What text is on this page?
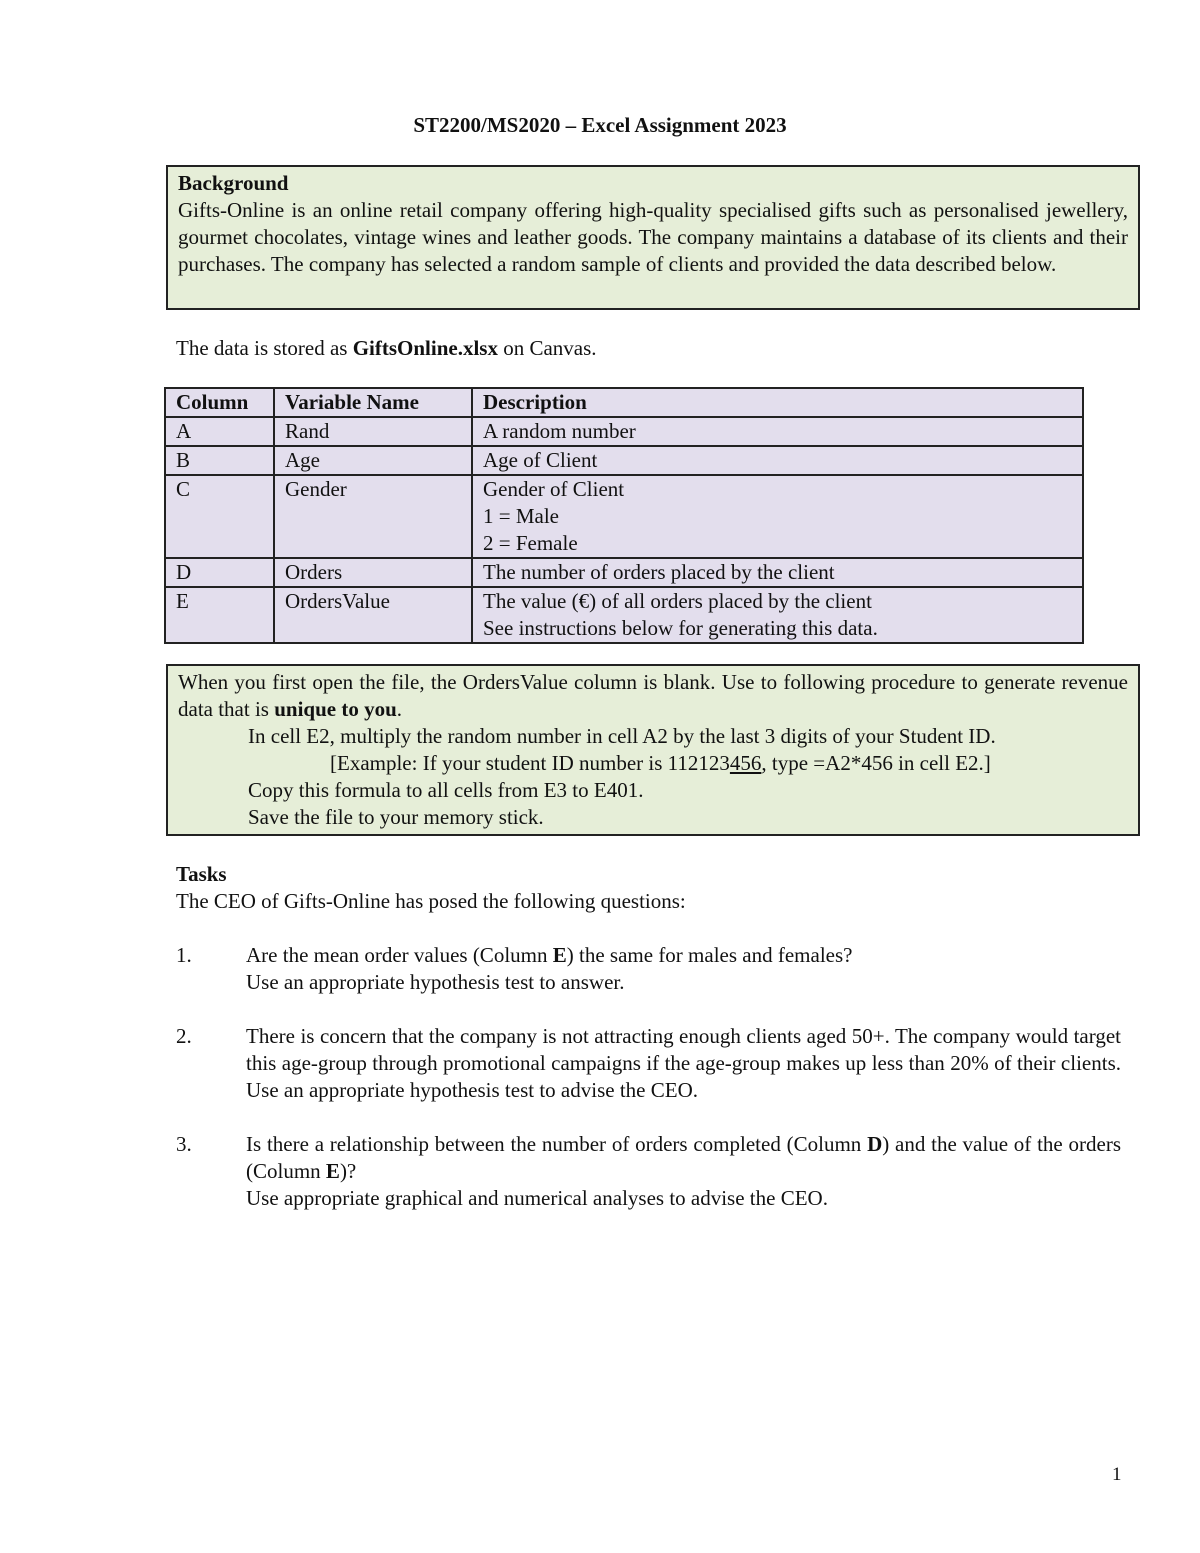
ST2200/MS2020 – Excel Assignment 2023
Background
Gifts-Online is an online retail company offering high-quality specialised gifts such as personalised jewellery, gourmet chocolates, vintage wines and leather goods. The company maintains a database of its clients and their purchases. The company has selected a random sample of clients and provided the data described below.
The data is stored as GiftsOnline.xlsx on Canvas.
Column	Variable Name	Description
A	Rand	A random number

B	Age	Age of Client

C	Gender	Gender of Client
1 = Male
2 = Female

D	Orders	The number of orders placed by the client

E	OrdersValue	The value (€) of all orders placed by the client
See instructions below for generating this data.
When you first open the file, the OrdersValue column is blank. Use to following procedure to generate revenue data that is unique to you.
In cell E2, multiply the random number in cell A2 by the last 3 digits of your Student ID.
[Example: If your student ID number is 112123456, type =A2*456 in cell E2.]
Copy this formula to all cells from E3 to E401.
Save the file to your memory stick.
Tasks
The CEO of Gifts-Online has posed the following questions:
1.	Are the mean order values (Column E) the same for males and females?
Use an appropriate hypothesis test to answer.
2.	There is concern that the company is not attracting enough clients aged 50+. The company would target this age-group through promotional campaigns if the age-group makes up less than 20% of their clients. Use an appropriate hypothesis test to advise the CEO.
3.	Is there a relationship between the number of orders completed (Column D) and the value of the orders (Column E)?
Use appropriate graphical and numerical analyses to advise the CEO.
1
